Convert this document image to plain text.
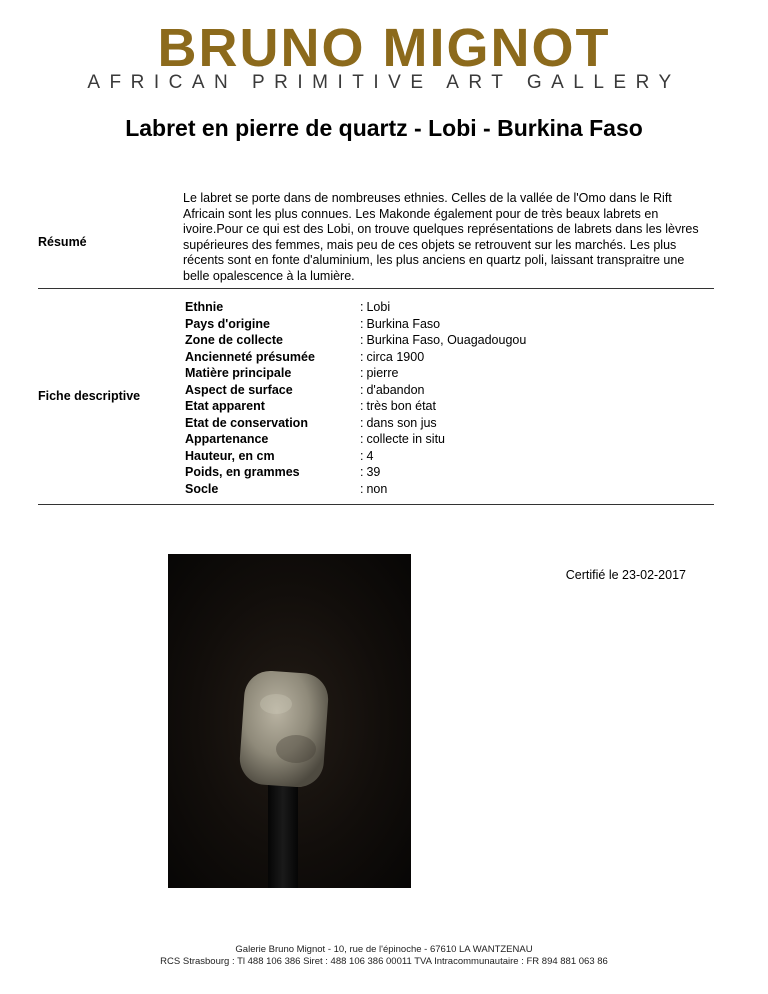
BRUNO MIGNOT
AFRICAN PRIMITIVE ART GALLERY
Labret en pierre de quartz - Lobi - Burkina Faso
Résumé

Le labret se porte dans de nombreuses ethnies. Celles de la vallée de l'Omo dans le Rift Africain sont les plus connues. Les Makonde également pour de très beaux labrets en ivoire.Pour ce qui est des Lobi, on trouve quelques représentations de labrets dans les lèvres supérieures des femmes, mais peu de ces objets se retrouvent sur les marchés. Les plus récents sont en fonte d'aluminium, les plus anciens en quartz poli, laissant transpraitre une belle opalescence à la lumière.

Fiche descriptive
Ethnie	: Lobi
Pays d'origine	: Burkina Faso
Zone de collecte	: Burkina Faso, Ouagadougou
Ancienneté présumée	: circa 1900
Matière principale	: pierre
Aspect de surface	: d'abandon
Etat apparent	: très bon état
Etat de conservation	: dans son jus
Appartenance	: collecte in situ
Hauteur, en cm	: 4
Poids, en grammes	: 39
Socle	: non
Certifié le 23-02-2017
Galerie Bruno Mignot - 10, rue de l'épinoche - 67610 LA WANTZENAU
RCS Strasbourg : Tl 488 106 386 Siret : 488 106 386 00011 TVA Intracommunautaire : FR 894 881 063 86
